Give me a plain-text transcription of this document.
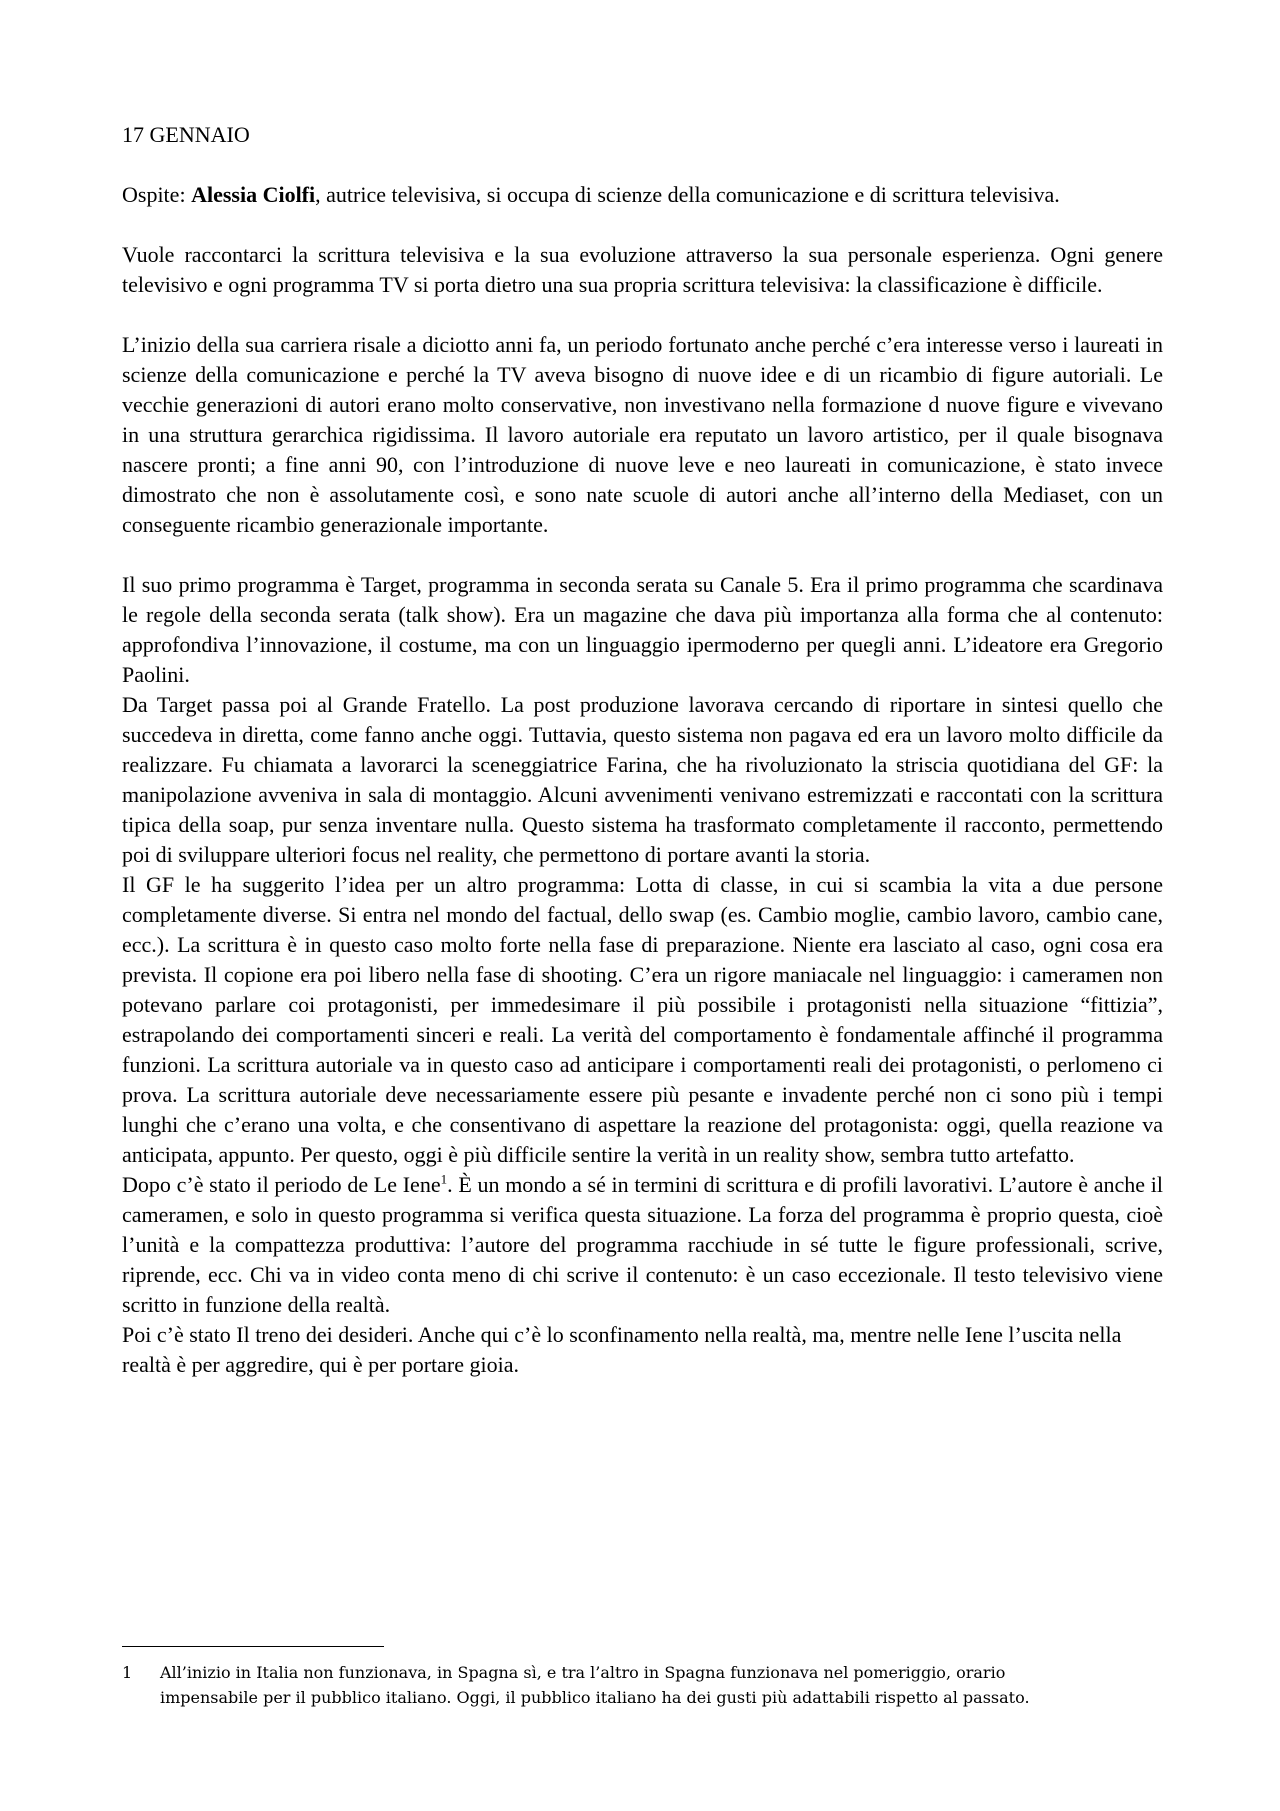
17 GENNAIO

Ospite: Alessia Ciolfi, autrice televisiva, si occupa di scienze della comunicazione e di scrittura televisiva.

Vuole raccontarci la scrittura televisiva e la sua evoluzione attraverso la sua personale esperienza. Ogni genere televisivo e ogni programma TV si porta dietro una sua propria scrittura televisiva: la classificazione è difficile.

L’inizio della sua carriera risale a diciotto anni fa, un periodo fortunato anche perché c’era interesse verso i laureati in scienze della comunicazione e perché la TV aveva bisogno di nuove idee e di un ricambio di figure autoriali. Le vecchie generazioni di autori erano molto conservative, non investivano nella formazione d nuove figure e vivevano in una struttura gerarchica rigidissima. Il lavoro autoriale era reputato un lavoro artistico, per il quale bisognava nascere pronti; a fine anni 90, con l’introduzione di nuove leve e neo laureati in comunicazione, è stato invece dimostrato che non è assolutamente così, e sono nate scuole di autori anche all’interno della Mediaset, con un conseguente ricambio generazionale importante.

Il suo primo programma è Target, programma in seconda serata su Canale 5. Era il primo programma che scardinava le regole della seconda serata (talk show). Era un magazine che dava più importanza alla forma che al contenuto: approfondiva l’innovazione, il costume, ma con un linguaggio ipermoderno per quegli anni. L’ideatore era Gregorio Paolini.

Da Target passa poi al Grande Fratello. La post produzione lavorava cercando di riportare in sintesi quello che succedeva in diretta, come fanno anche oggi. Tuttavia, questo sistema non pagava ed era un lavoro molto difficile da realizzare. Fu chiamata a lavorarci la sceneggiatrice Farina, che ha rivoluzionato la striscia quotidiana del GF: la manipolazione avveniva in sala di montaggio. Alcuni avvenimenti venivano estremizzati e raccontati con la scrittura tipica della soap, pur senza inventare nulla. Questo sistema ha trasformato completamente il racconto, permettendo poi di sviluppare ulteriori focus nel reality, che permettono di portare avanti la storia.

Il GF le ha suggerito l’idea per un altro programma: Lotta di classe, in cui si scambia la vita a due persone completamente diverse. Si entra nel mondo del factual, dello swap (es. Cambio moglie, cambio lavoro, cambio cane, ecc.). La scrittura è in questo caso molto forte nella fase di preparazione. Niente era lasciato al caso, ogni cosa era prevista. Il copione era poi libero nella fase di shooting. C’era un rigore maniacale nel linguaggio: i cameramen non potevano parlare coi protagonisti, per immedesimare il più possibile i protagonisti nella situazione “fittizia”, estrapolando dei comportamenti sinceri e reali. La verità del comportamento è fondamentale affinché il programma funzioni. La scrittura autoriale va in questo caso ad anticipare i comportamenti reali dei protagonisti, o perlomeno ci prova. La scrittura autoriale deve necessariamente essere più pesante e invadente perché non ci sono più i tempi lunghi che c’erano una volta, e che consentivano di aspettare la reazione del protagonista: oggi, quella reazione va anticipata, appunto. Per questo, oggi è più difficile sentire la verità in un reality show, sembra tutto artefatto.

Dopo c’è stato il periodo de Le Iene$^1$. È un mondo a sé in termini di scrittura e di profili lavorativi. L’autore è anche il cameramen, e solo in questo programma si verifica questa situazione. La forza del programma è proprio questa, cioè l’unità e la compattezza produttiva: l’autore del programma racchiude in sé tutte le figure professionali, scrive, riprende, ecc. Chi va in video conta meno di chi scrive il contenuto: è un caso eccezionale. Il testo televisivo viene scritto in funzione della realtà.

Poi c’è stato Il treno dei desideri. Anche qui c’è lo sconfinamento nella realtà, ma, mentre nelle Iene l’uscita nella realtà è per aggredire, qui è per portare gioia.

1	All’inizio in Italia non funzionava, in Spagna sì, e tra l’altro in Spagna funzionava nel pomeriggio, orario impensabile per il pubblico italiano. Oggi, il pubblico italiano ha dei gusti più adattabili rispetto al passato.
